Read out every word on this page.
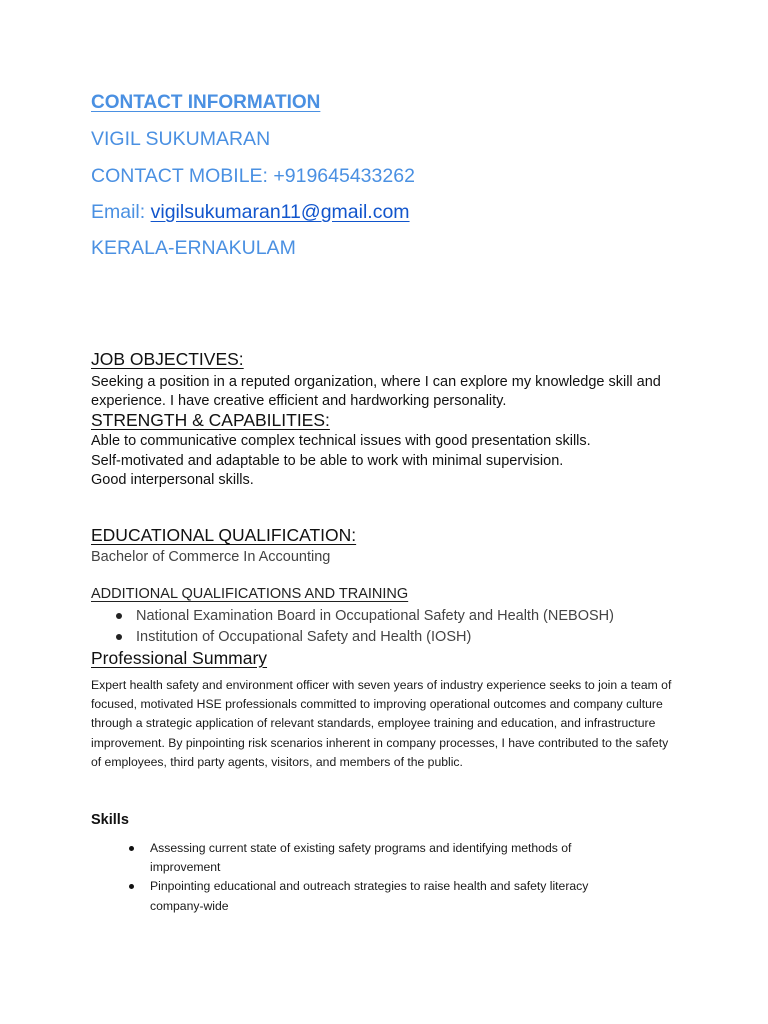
CONTACT INFORMATION
VIGIL SUKUMARAN
CONTACT MOBILE: +919645433262
Email: vigilsukumaran11@gmail.com
KERALA-ERNAKULAM
JOB OBJECTIVES:
Seeking a position in a reputed organization, where I can explore my knowledge skill and experience. I have creative efficient and hardworking personality.
STRENGTH & CAPABILITIES:
Able to communicative complex technical issues with good presentation skills.
Self-motivated and adaptable to be able to work with minimal supervision.
Good interpersonal skills.
EDUCATIONAL QUALIFICATION:
Bachelor of Commerce In Accounting
ADDITIONAL QUALIFICATIONS AND TRAINING
National Examination Board in Occupational Safety and Health (NEBOSH)
Institution of Occupational Safety and Health (IOSH)
Professional Summary
Expert health safety and environment officer with seven years of industry experience seeks to join a team of focused, motivated HSE professionals committed to improving operational outcomes and company culture through a strategic application of relevant standards, employee training and education, and infrastructure improvement. By pinpointing risk scenarios inherent in company processes, I have contributed to the safety of employees, third party agents, visitors, and members of the public.
Skills
Assessing current state of existing safety programs and identifying methods of improvement
Pinpointing educational and outreach strategies to raise health and safety literacy company-wide
